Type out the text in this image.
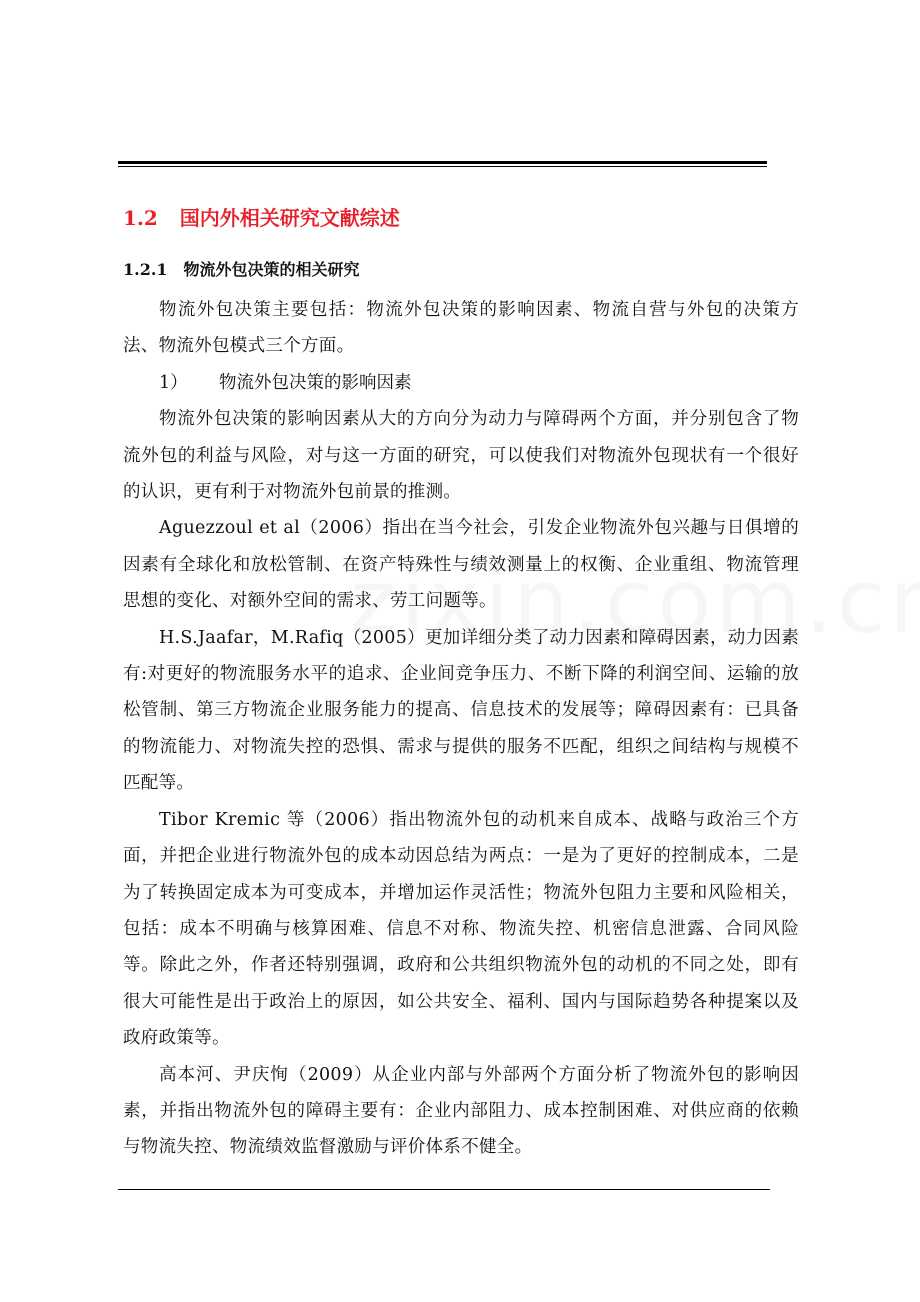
1.2 国内外相关研究文献综述
1.2.1 物流外包决策的相关研究

物流外包决策主要包括：物流外包决策的影响因素、物流自营与外包的决策方法、物流外包模式三个方面。

1） 物流外包决策的影响因素

物流外包决策的影响因素从大的方向分为动力与障碍两个方面，并分别包含了物流外包的利益与风险，对与这一方面的研究，可以使我们对物流外包现状有一个很好的认识，更有利于对物流外包前景的推测。

Aguezzoul et al（2006）指出在当今社会，引发企业物流外包兴趣与日俱增的因素有全球化和放松管制、在资产特殊性与绩效测量上的权衡、企业重组、物流管理思想的变化、对额外空间的需求、劳工问题等。

H.S.Jaafar，M.Rafiq（2005）更加详细分类了动力因素和障碍因素，动力因素有:对更好的物流服务水平的追求、企业间竞争压力、不断下降的利润空间、运输的放松管制、第三方物流企业服务能力的提高、信息技术的发展等；障碍因素有：已具备的物流能力、对物流失控的恐惧、需求与提供的服务不匹配，组织之间结构与规模不匹配等。

Tibor Kremic 等（2006）指出物流外包的动机来自成本、战略与政治三个方面，并把企业进行物流外包的成本动因总结为两点：一是为了更好的控制成本，二是为了转换固定成本为可变成本，并增加运作灵活性；物流外包阻力主要和风险相关，包括：成本不明确与核算困难、信息不对称、物流失控、机密信息泄露、合同风险等。除此之外，作者还特别强调，政府和公共组织物流外包的动机的不同之处，即有很大可能性是出于政治上的原因，如公共安全、福利、国内与国际趋势各种提案以及政府政策等。

高本河、尹庆恂（2009）从企业内部与外部两个方面分析了物流外包的影响因素，并指出物流外包的障碍主要有：企业内部阻力、成本控制困难、对供应商的依赖与物流失控、物流绩效监督激励与评价体系不健全。
